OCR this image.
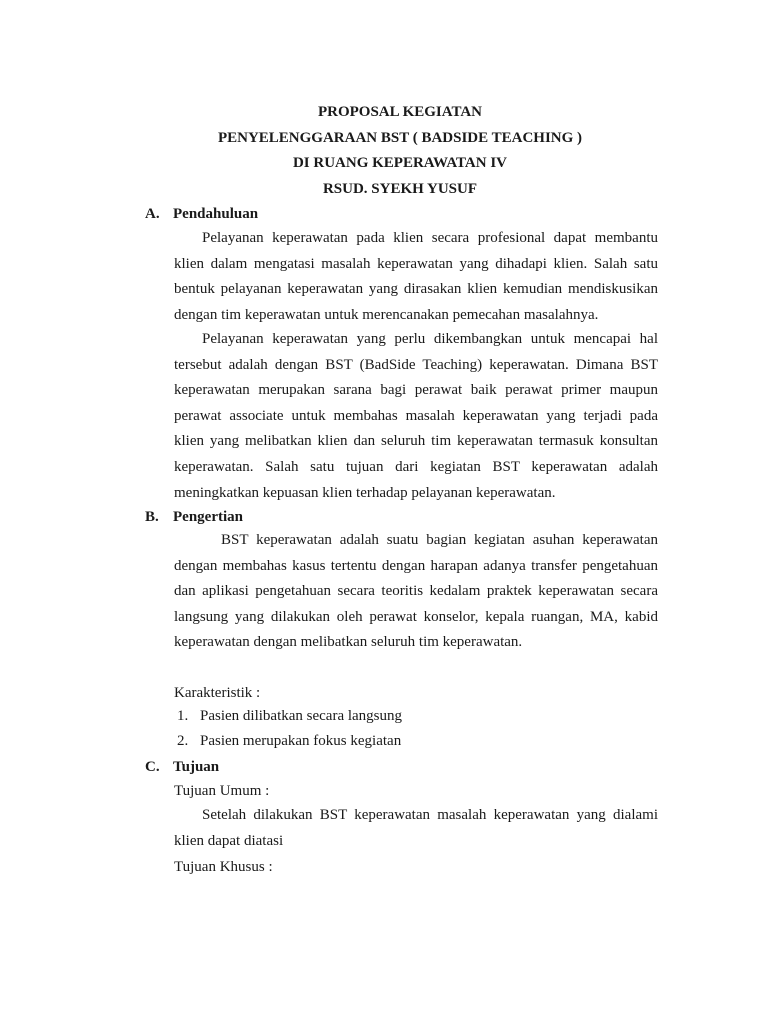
PROPOSAL KEGIATAN
PENYELENGGARAAN BST ( BADSIDE TEACHING )
DI RUANG KEPERAWATAN IV
RSUD. SYEKH YUSUF
A. Pendahuluan

Pelayanan keperawatan pada klien secara profesional dapat membantu klien dalam mengatasi masalah keperawatan yang dihadapi klien. Salah satu bentuk pelayanan keperawatan yang dirasakan klien kemudian mendiskusikan dengan tim keperawatan untuk merencanakan pemecahan masalahnya.

Pelayanan keperawatan yang perlu dikembangkan untuk mencapai hal tersebut adalah dengan BST (BadSide Teaching) keperawatan. Dimana BST keperawatan merupakan sarana bagi perawat baik perawat primer maupun perawat associate untuk membahas masalah keperawatan yang terjadi pada klien yang melibatkan klien dan seluruh tim keperawatan termasuk konsultan keperawatan. Salah satu tujuan dari kegiatan BST keperawatan adalah meningkatkan kepuasan klien terhadap pelayanan keperawatan.

B. Pengertian

BST keperawatan adalah suatu bagian kegiatan asuhan keperawatan dengan membahas kasus tertentu dengan harapan adanya transfer pengetahuan dan aplikasi pengetahuan secara teoritis kedalam praktek keperawatan secara langsung yang dilakukan oleh perawat konselor, kepala ruangan, MA, kabid keperawatan dengan melibatkan seluruh tim keperawatan.

Karakteristik :
1. Pasien dilibatkan secara langsung
2. Pasien merupakan fokus kegiatan
C. Tujuan
Tujuan Umum :

Setelah dilakukan BST keperawatan masalah keperawatan yang dialami klien dapat diatasi

Tujuan Khusus :
